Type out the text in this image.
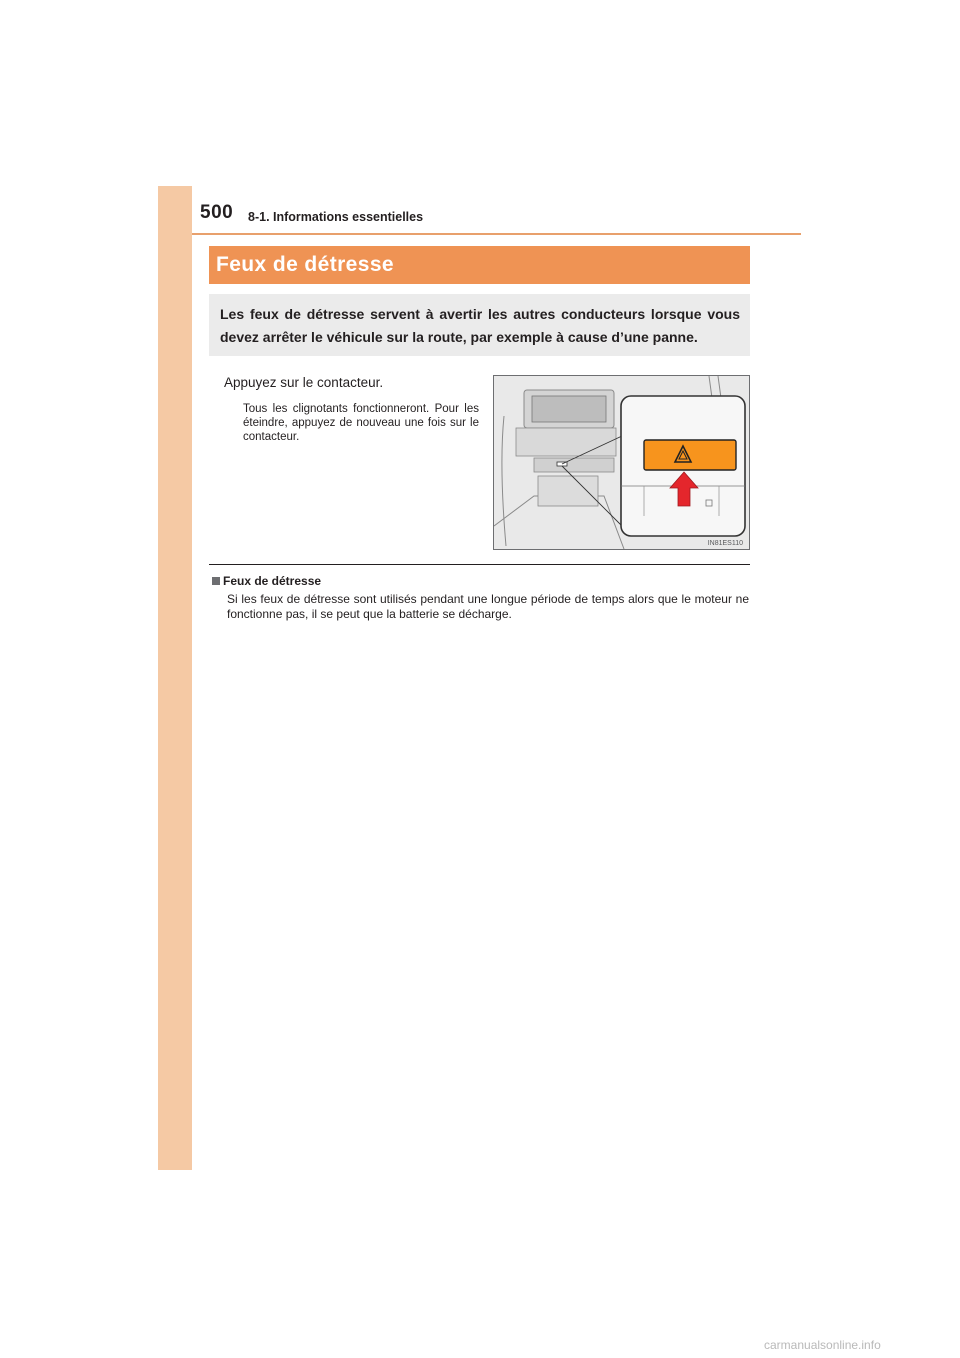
500 8-1. Informations essentielles
Feux de détresse
Les feux de détresse servent à avertir les autres conducteurs lorsque vous devez arrêter le véhicule sur la route, par exemple à cause d’une panne.
Appuyez sur le contacteur.
Tous les clignotants fonctionneront. Pour les éteindre, appuyez de nouveau une fois sur le contacteur.
IN81ES110
Feux de détresse
Si les feux de détresse sont utilisés pendant une longue période de temps alors que le moteur ne fonctionne pas, il se peut que la batterie se décharge.
carmanualsonline.info
